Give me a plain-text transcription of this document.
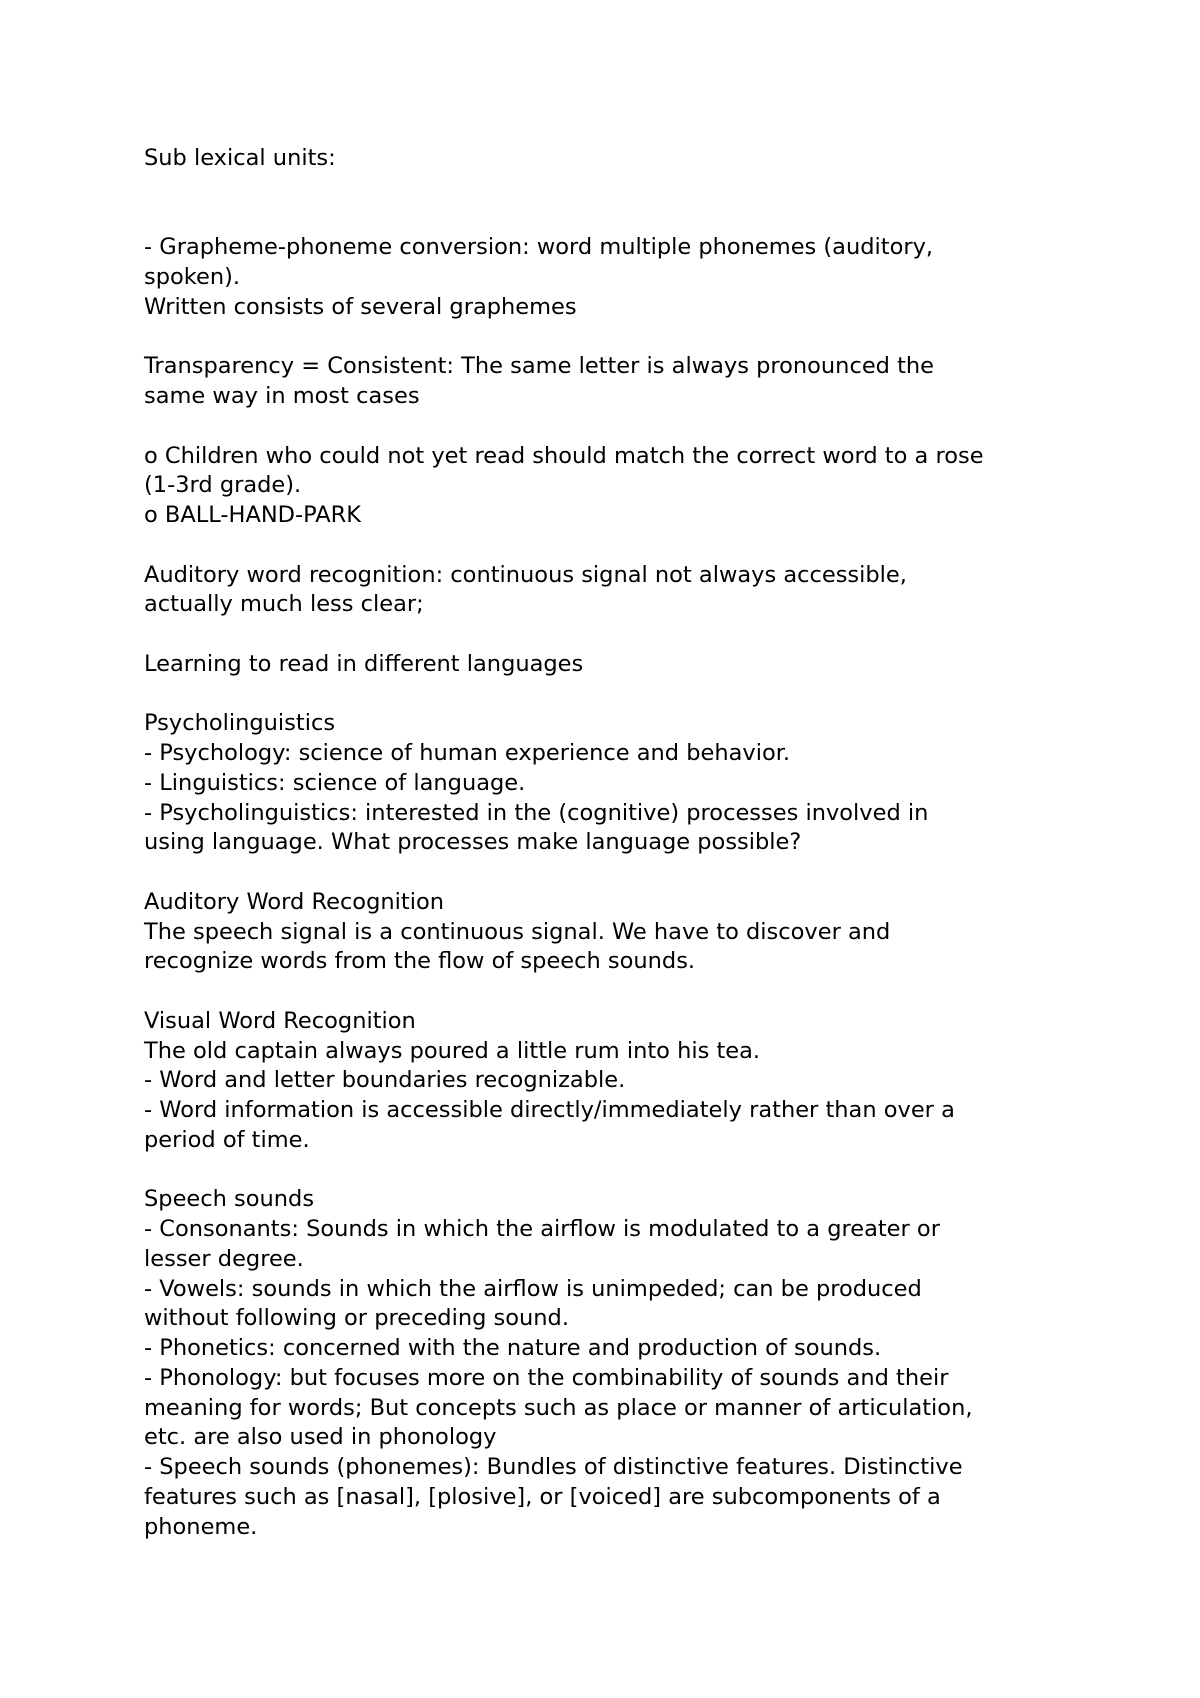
Sub lexical units:
- Grapheme-phoneme conversion: word multiple phonemes (auditory,
spoken).
Written consists of several graphemes
Transparency = Consistent: The same letter is always pronounced the
same way in most cases
o Children who could not yet read should match the correct word to a rose
(1-3rd grade).
o BALL-HAND-PARK
Auditory word recognition: continuous signal not always accessible,
actually much less clear;
Learning to read in different languages
Psycholinguistics
- Psychology: science of human experience and behavior.
- Linguistics: science of language.
- Psycholinguistics: interested in the (cognitive) processes involved in
using language. What processes make language possible?
Auditory Word Recognition
The speech signal is a continuous signal. We have to discover and
recognize words from the flow of speech sounds.
Visual Word Recognition
The old captain always poured a little rum into his tea.
- Word and letter boundaries recognizable.
- Word information is accessible directly/immediately rather than over a
period of time.
Speech sounds
- Consonants: Sounds in which the airflow is modulated to a greater or
lesser degree.
- Vowels: sounds in which the airflow is unimpeded; can be produced
without following or preceding sound.
- Phonetics: concerned with the nature and production of sounds.
- Phonology: but focuses more on the combinability of sounds and their
meaning for words; But concepts such as place or manner of articulation,
etc. are also used in phonology
- Speech sounds (phonemes): Bundles of distinctive features. Distinctive
features such as [nasal], [plosive], or [voiced] are subcomponents of a
phoneme.
